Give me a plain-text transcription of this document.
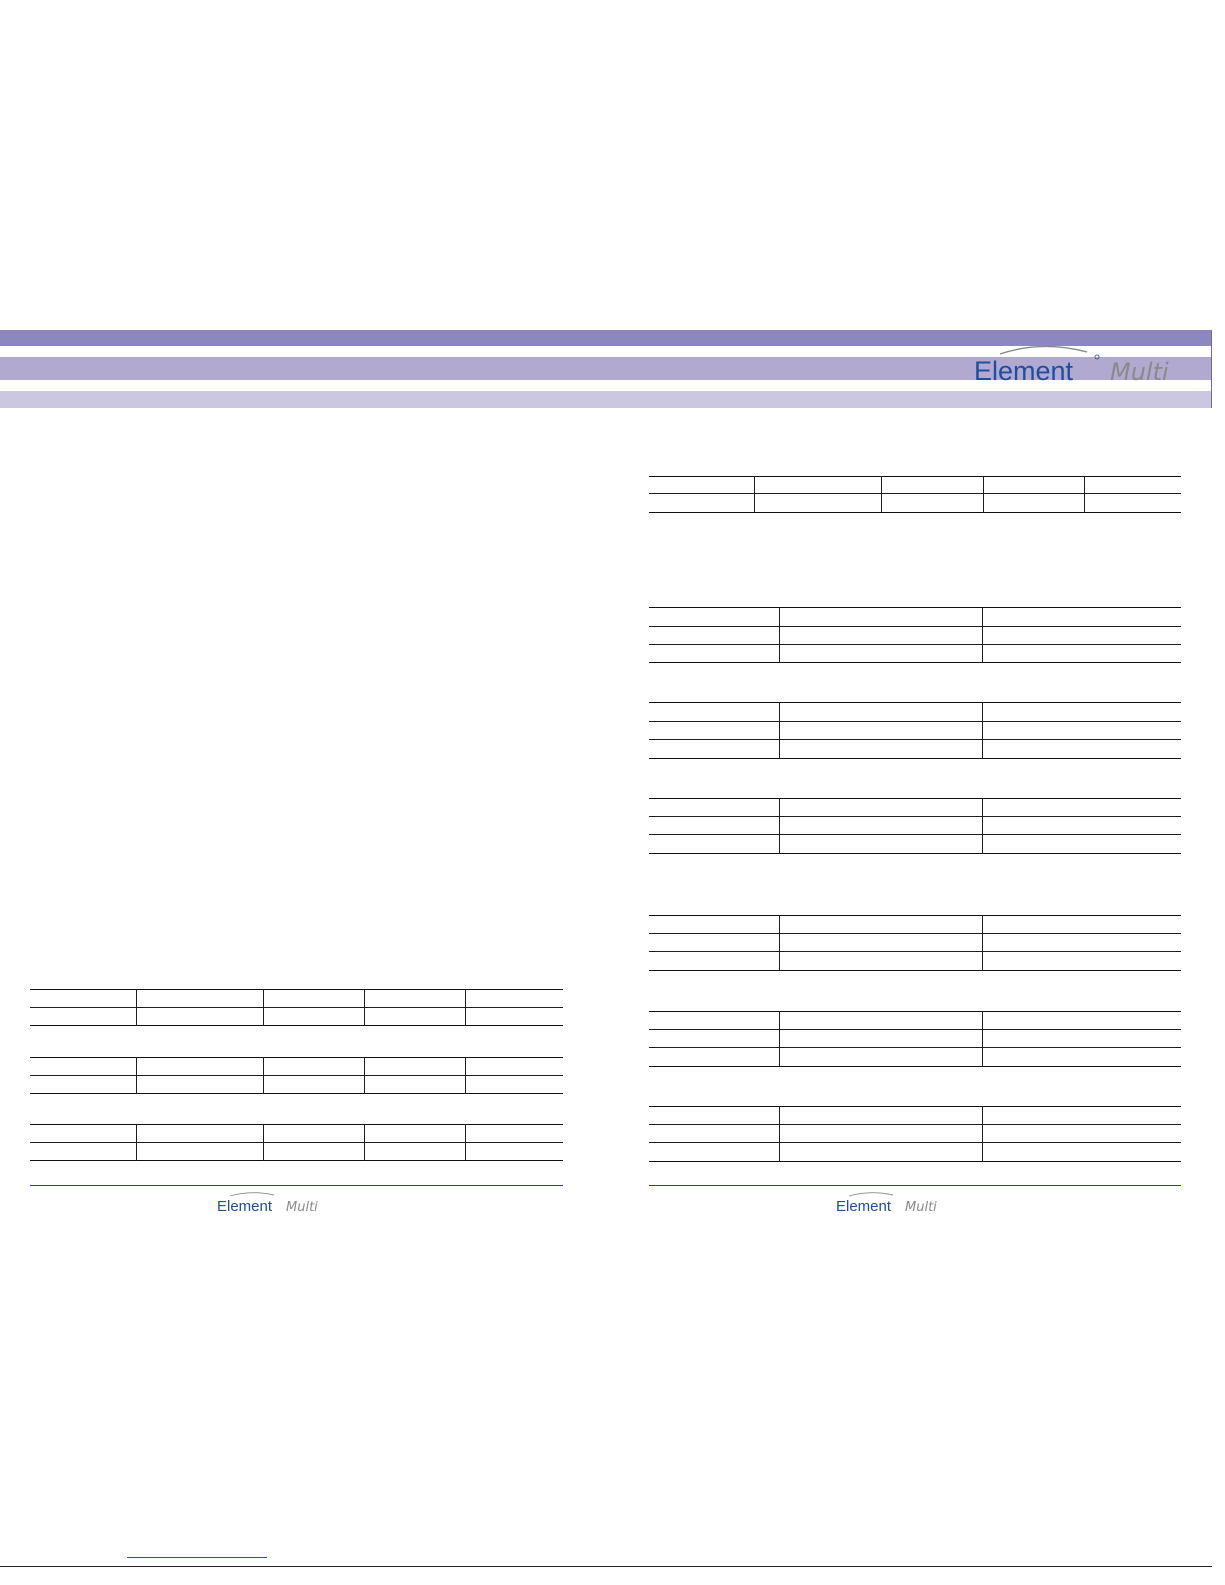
Element Multi
Element Multi	Element Multi
